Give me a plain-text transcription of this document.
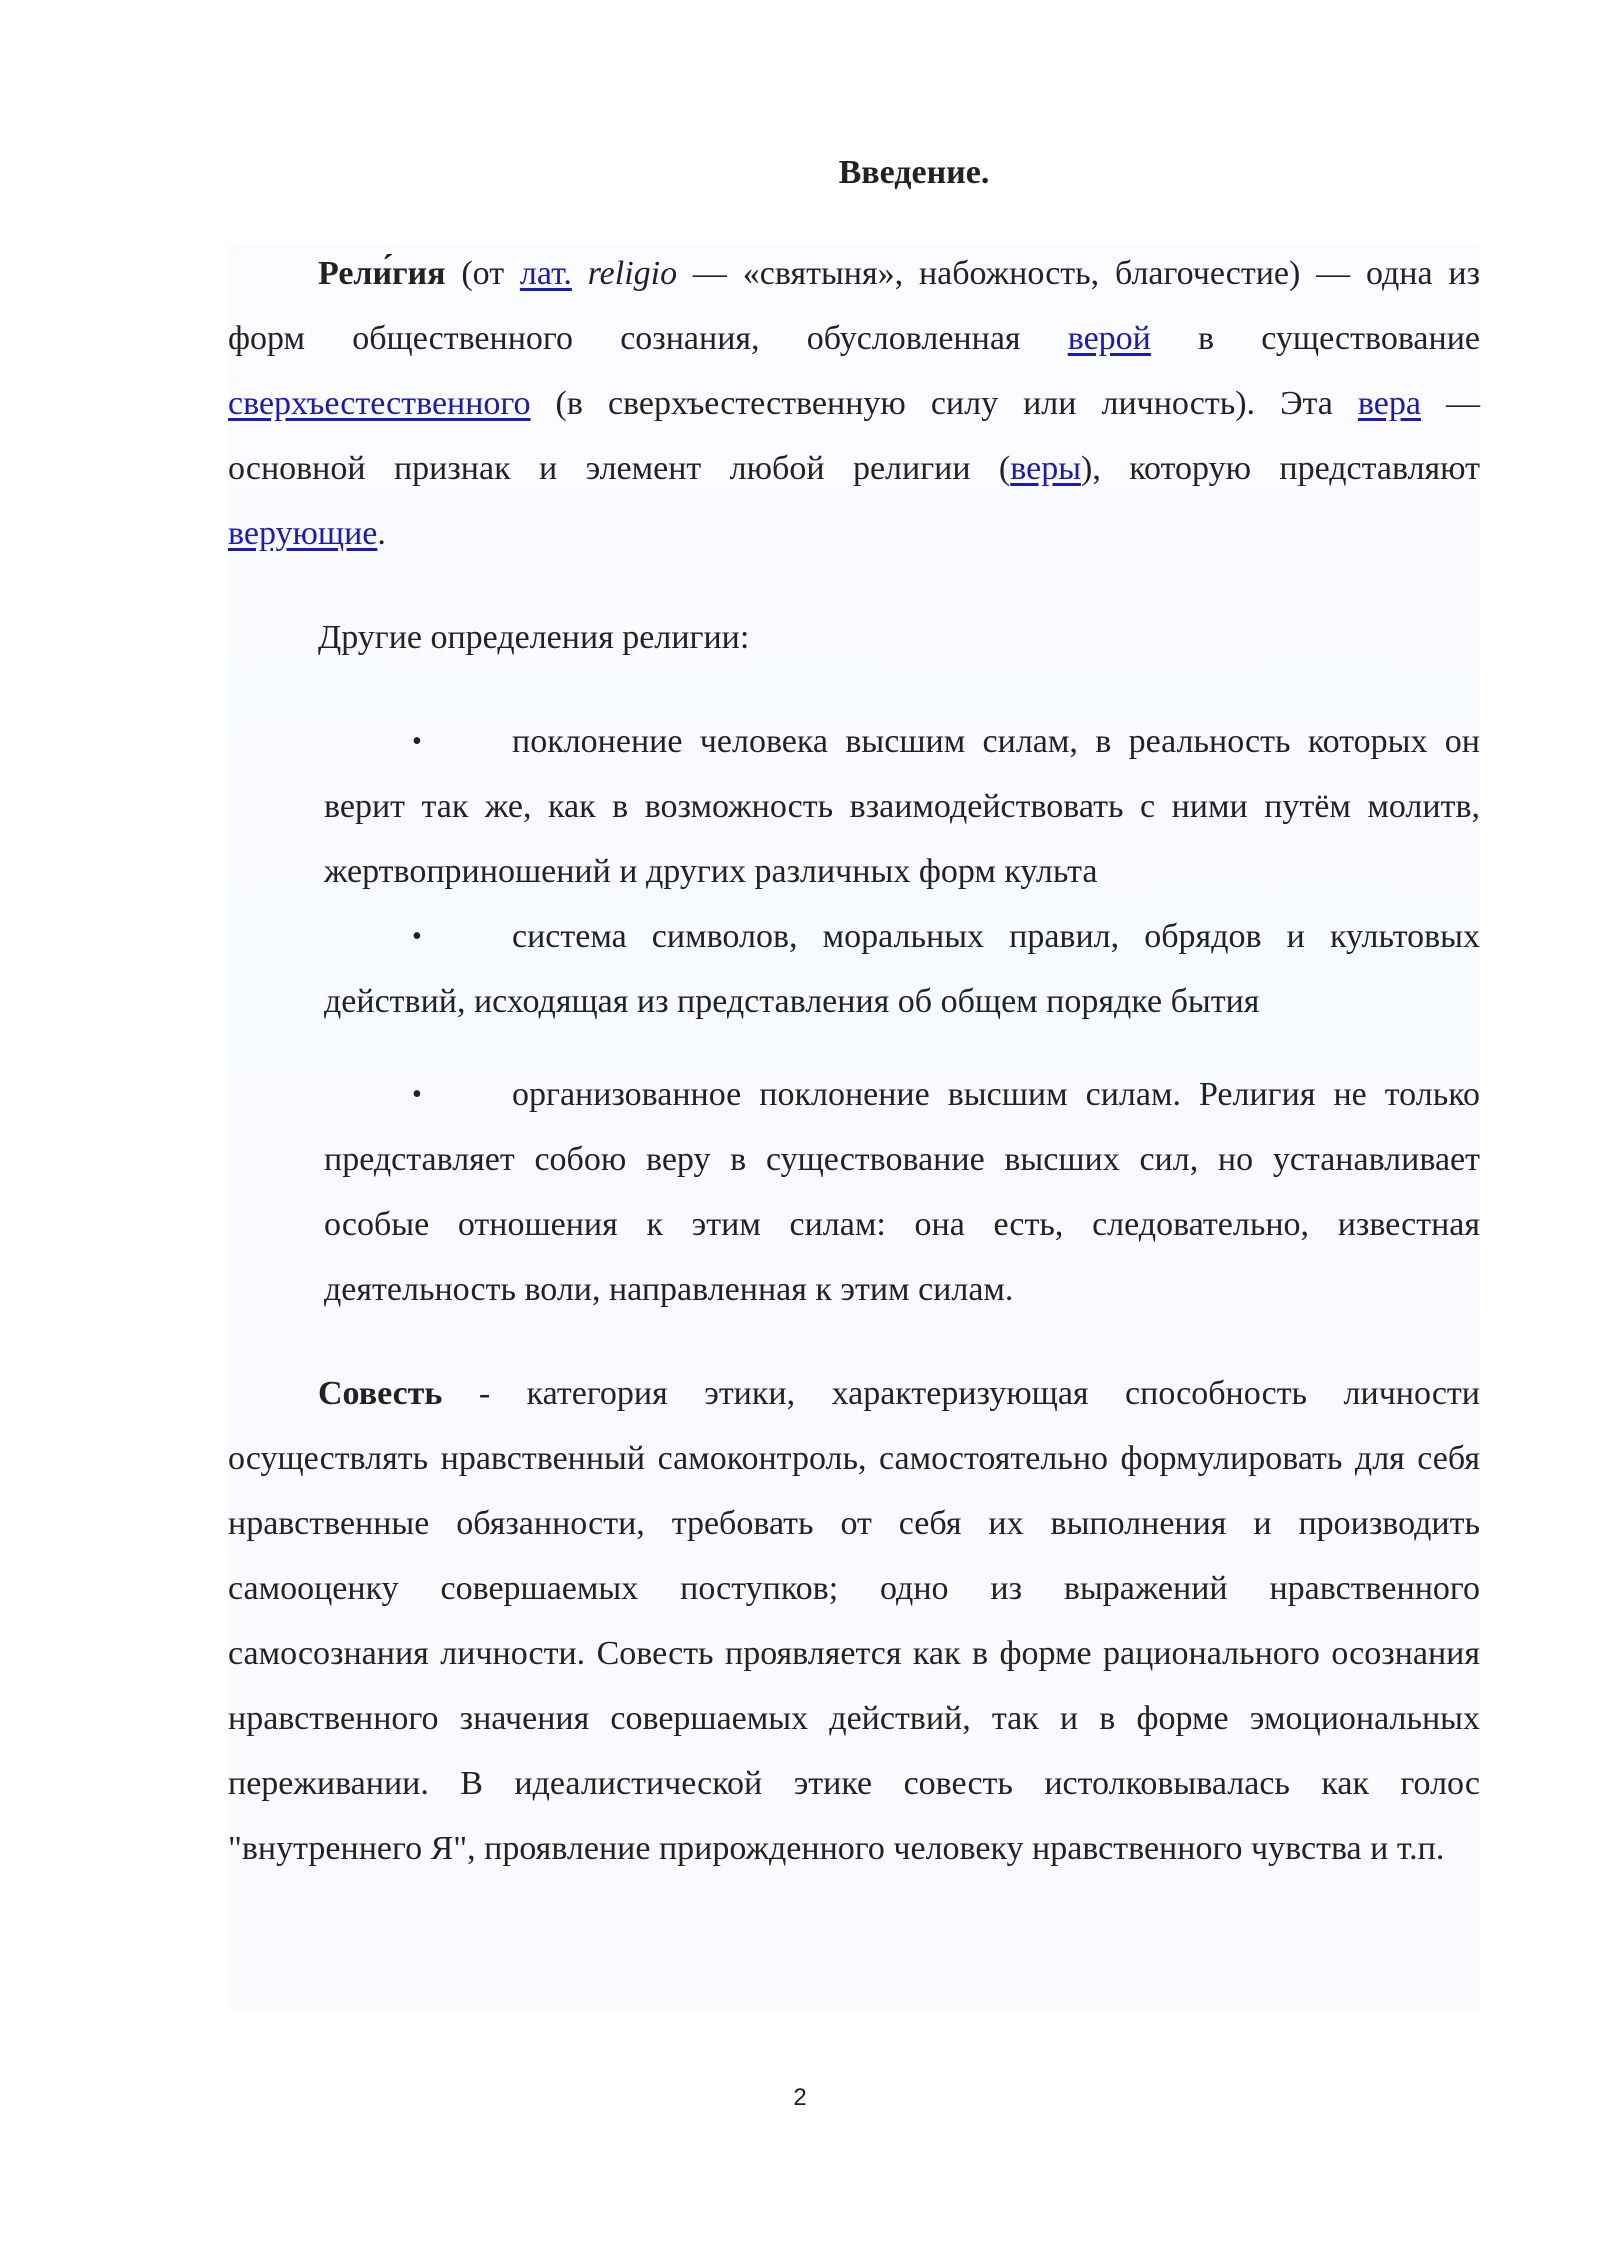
Введение.

Рели́гия (от лат. religio — «святыня», набожность, благочестие) — одна из форм общественного сознания, обусловленная верой в существование сверхъестественного (в сверхъестественную силу или личность). Эта вера — основной признак и элемент любой религии (веры), которую представляют верующие.

Другие определения религии:

•	поклонение человека высшим силам, в реальность которых он верит так же, как в возможность взаимодействовать с ними путём молитв, жертвоприношений и других различных форм культа
•	система символов, моральных правил, обрядов и культовых действий, исходящая из представления об общем порядке бытия
•	организованное поклонение высшим силам. Религия не только представляет собою веру в существование высших сил, но устанавливает особые отношения к этим силам: она есть, следовательно, известная деятельность воли, направленная к этим силам.

Совесть - категория этики, характеризующая способность личности осуществлять нравственный самоконтроль, самостоятельно формулировать для себя нравственные обязанности, требовать от себя их выполнения и производить самооценку совершаемых поступков; одно из выражений нравственного самосознания личности. Совесть проявляется как в форме рационального осознания нравственного значения совершаемых действий, так и в форме эмоциональных переживании. В идеалистической этике совесть истолковывалась как голос "внутреннего Я", проявление прирожденного человеку нравственного чувства и т.п.

2
